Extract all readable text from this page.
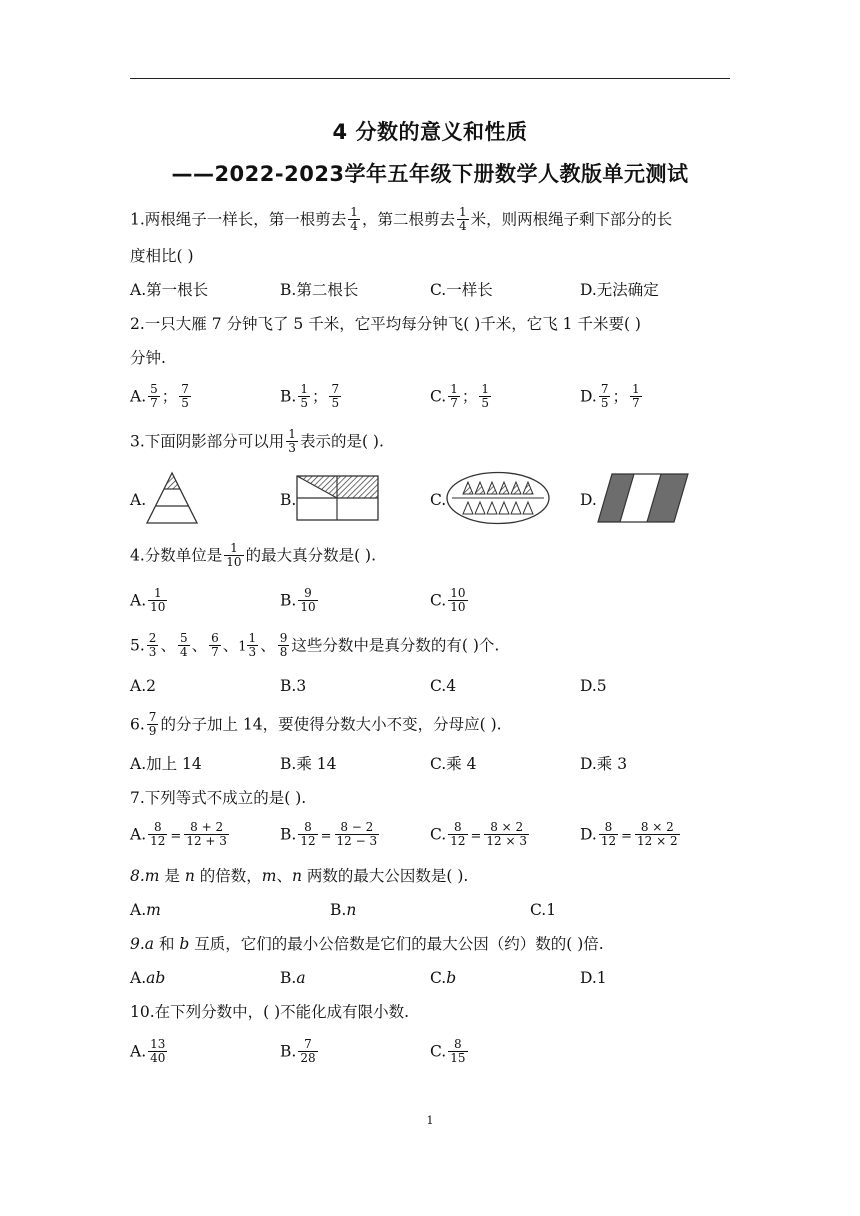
4 分数的意义和性质
——2022-2023学年五年级下册数学人教版单元测试
1.两根绳子一样长，第一根剪去 $\frac{1}{4}$ ，第二根剪去 $\frac{1}{4}$ 米，则两根绳子剩下部分的长
度相比( )
A.第一根长	B.第二根长	C.一样长	D.无法确定
2.一只大雁 7 分钟飞了 5 千米，它平均每分钟飞( )千米，它飞 1 千米要( )
分钟.
A. $\frac{5}{7}$ ； $\frac{7}{5}$	B. $\frac{1}{5}$ ； $\frac{7}{5}$	C. $\frac{1}{7}$ ； $\frac{1}{5}$	D. $\frac{7}{5}$ ； $\frac{1}{7}$
3.下面阴影部分可以用 $\frac{1}{3}$ 表示的是( ).
A.	B.	C.	D.
4.分数单位是 $\frac{1}{10}$ 的最大真分数是( ).
A. $\frac{1}{10}$	B. $\frac{9}{10}$	C. $\frac{10}{10}$
5. $\frac{2}{3}$ 、 $\frac{5}{4}$ 、 $\frac{6}{7}$ 、$1 \frac{1}{3}$ 、 $\frac{9}{8}$ 这些分数中是真分数的有( )个.
A.2	B.3	C.4	D.5
6. $\frac{7}{9}$ 的分子加上 14，要使得分数大小不变，分母应( ).
A.加上 14	B.乘 14	C.乘 4	D.乘 3
7.下列等式不成立的是( ).
A. $\frac{8}{12} = \frac{8 + 2}{12 + 3}$	B. $\frac{8}{12} = \frac{8 - 2}{12 - 3}$	C. $\frac{8}{12} = \frac{8 \times 2}{12 \times 3}$	D. $\frac{8}{12} = \frac{8 \times 2}{12 \times 2}$
8.m 是 n 的倍数，m、n 两数的最大公因数是( ).
A.m	B.n	C.1
9.a 和 b 互质，它们的最小公倍数是它们的最大公因（约）数的( )倍.
A.ab	B.a	C.b	D.1
10.在下列分数中，( )不能化成有限小数.
A. $\frac{13}{40}$	B. $\frac{7}{28}$	C. $\frac{8}{15}$
1
